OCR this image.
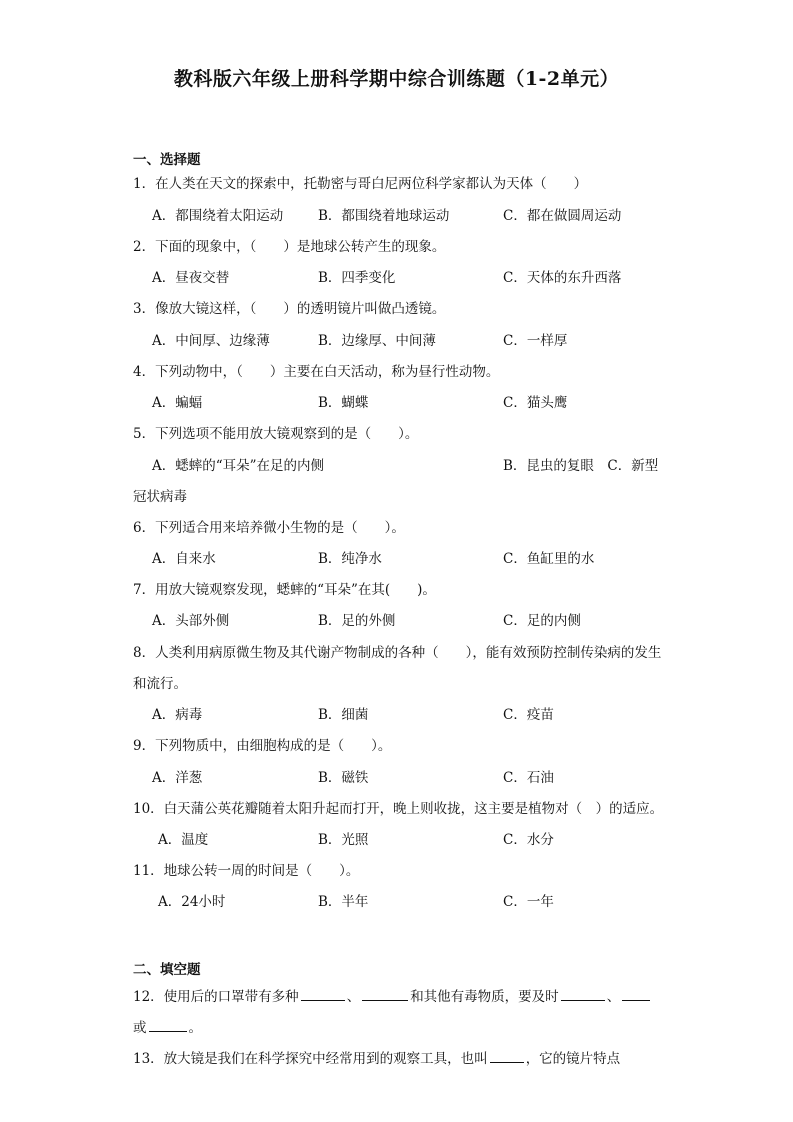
教科版六年级上册科学期中综合训练题（1-2单元）
一、选择题
1．在人类在天文的探索中，托勒密与哥白尼两位科学家都认为天体（　　）
A．都围绕着太阳运动	B．都围绕着地球运动	C．都在做圆周运动
2．下面的现象中，（　　）是地球公转产生的现象。
A．昼夜交替	B．四季变化	C．天体的东升西落
3．像放大镜这样，（　　）的透明镜片叫做凸透镜。
A．中间厚、边缘薄	B．边缘厚、中间薄	C．一样厚
4．下列动物中，（　　）主要在白天活动，称为昼行性动物。
A．蝙蝠	B．蝴蝶	C．猫头鹰
5．下列选项不能用放大镜观察到的是（　　）。
A．蟋蟀的“耳朵”在足的内侧	B．昆虫的复眼　C．新型
冠状病毒
6．下列适合用来培养微小生物的是（　　）。
A．自来水	B．纯净水	C．鱼缸里的水
7．用放大镜观察发现，蟋蟀的“耳朵”在其(　　)。
A．头部外侧	B．足的外侧	C．足的内侧
8．人类利用病原微生物及其代谢产物制成的各种（　　），能有效预防控制传染病的发生
和流行。
A．病毒	B．细菌	C．疫苗
9．下列物质中，由细胞构成的是（　　）。
A．洋葱	B．磁铁	C．石油
10．白天蒲公英花瓣随着太阳升起而打开，晚上则收拢，这主要是植物对（　）的适应。
A．温度	B．光照	C．水分
11．地球公转一周的时间是（　　）。
A．24小时	B．半年	C．一年
二、填空题
12．使用后的口罩带有多种	、	和其他有毒物质，要及时	、
或	。
13．放大镜是我们在科学探究中经常用到的观察工具，也叫	，它的镜片特点
